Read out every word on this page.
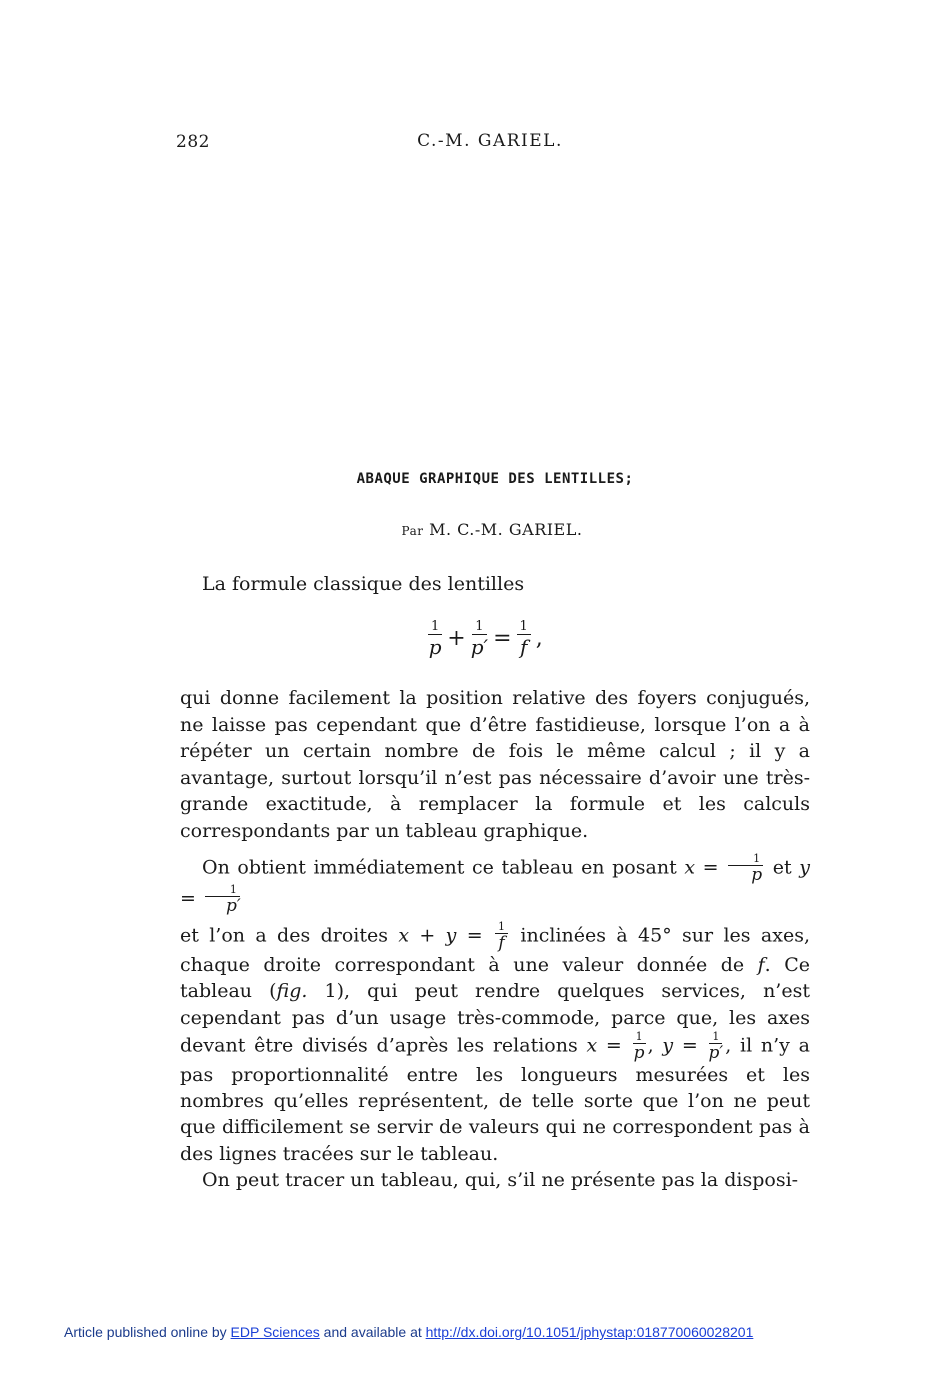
282	C.-M. GARIEL.
ABAQUE GRAPHIQUE DES LENTILLES;
Par M. C.-M. GARIEL.
La formule classique des lentilles
$\frac{1}{p} + \frac{1}{p'} = \frac{1}{f}$ ,
qui donne facilement la position relative des foyers conjugués, ne laisse pas cependant que d’être fastidieuse, lorsque l’on a à répéter un certain nombre de fois le même calcul ; il y a avantage, surtout lorsqu’il n’est pas nécessaire d’avoir une très-grande exactitude, à remplacer la formule et les calculs correspondants par un tableau graphique.
On obtient immédiatement ce tableau en posant $x = \frac{1}{p}$ et $y = \frac{1}{p'}$
et l’on a des droites $x + y = \frac{1}{f}$ inclinées à 45° sur les axes, chaque droite correspondant à une valeur donnée de f. Ce tableau (fig. 1), qui peut rendre quelques services, n’est cependant pas d’un usage très-commode, parce que, les axes devant être divisés d’après les relations $x = \frac{1}{p}$ , $y = \frac{1}{p'}$ , il n’y a pas proportionnalité entre les longueurs mesurées et les nombres qu’elles représentent, de telle sorte que l’on ne peut que difficilement se servir de valeurs qui ne correspondent pas à des lignes tracées sur le tableau.
On peut tracer un tableau, qui, s’il ne présente pas la disposi-
Article published online by EDP Sciences and available at http://dx.doi.org/10.1051/jphystap:018770060028201
